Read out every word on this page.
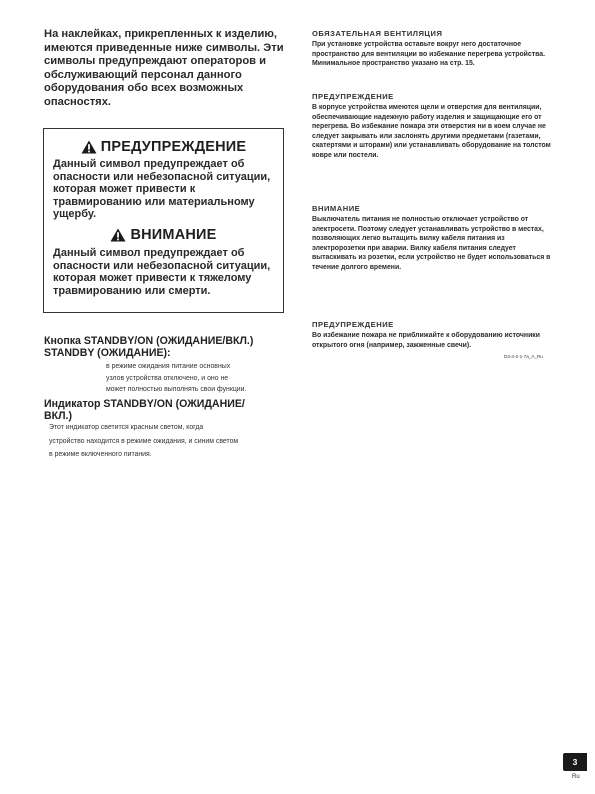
На наклейках, прикрепленных к изделию, имеются приведенные ниже символы. Эти символы предупреждают операторов и обслуживающий персонал данного оборудования обо всех возможных опасностях.
ПРЕДУПРЕЖДЕНИЕ
Данный символ предупреждает об опасности или небезопасной ситуации, которая может привести к травмированию или материальному ущербу.
ВНИМАНИЕ
Данный символ предупреждает об опасности или небезопасной ситуации, которая может привести к тяжелому травмированию или смерти.
Кнопка STANDBY/ON (ОЖИДАНИЕ/ВКЛ.)
STANDBY (ОЖИДАНИЕ):
в режиме ожидания питание основных
узлов устройства отключено, и оно не
может полностью выполнять свои функции.
Индикатор STANDBY/ON (ОЖИДАНИЕ/
ВКЛ.)
Этот индикатор светится красным светом, когда
устройство находится в режиме ожидания, и синим светом
в режиме включенного питания.
ОБЯЗАТЕЛЬНАЯ ВЕНТИЛЯЦИЯ
При установке устройства оставьте вокруг него достаточное пространство для вентиляции во избежание перегрева устройства. Минимальное пространство указано на стр. 15.
ПРЕДУПРЕЖДЕНИЕ
В корпусе устройства имеются щели и отверстия для вентиляции, обеспечивающие надежную работу изделия и защищающие его от перегрева. Во избежание пожара эти отверстия ни в коем случае не следует закрывать или заслонять другими предметами (газетами, скатертями и шторами) или устанавливать оборудование на толстом ковре или постели.
ВНИМАНИЕ
Выключатель питания не полностью отключает устройство от электросети. Поэтому следует устанавливать устройство в местах, позволяющих легко вытащить вилку кабеля питания из электророзетки при аварии. Вилку кабеля питания следует вытаскивать из розетки, если устройство не будет использоваться в течение долгого времени.
ПРЕДУПРЕЖДЕНИЕ
Во избежание пожара не приближайте к оборудованию источники открытого огня (например, зажженные свечи).
D3-4-2-1-7a_A_Ru
3
Ru
